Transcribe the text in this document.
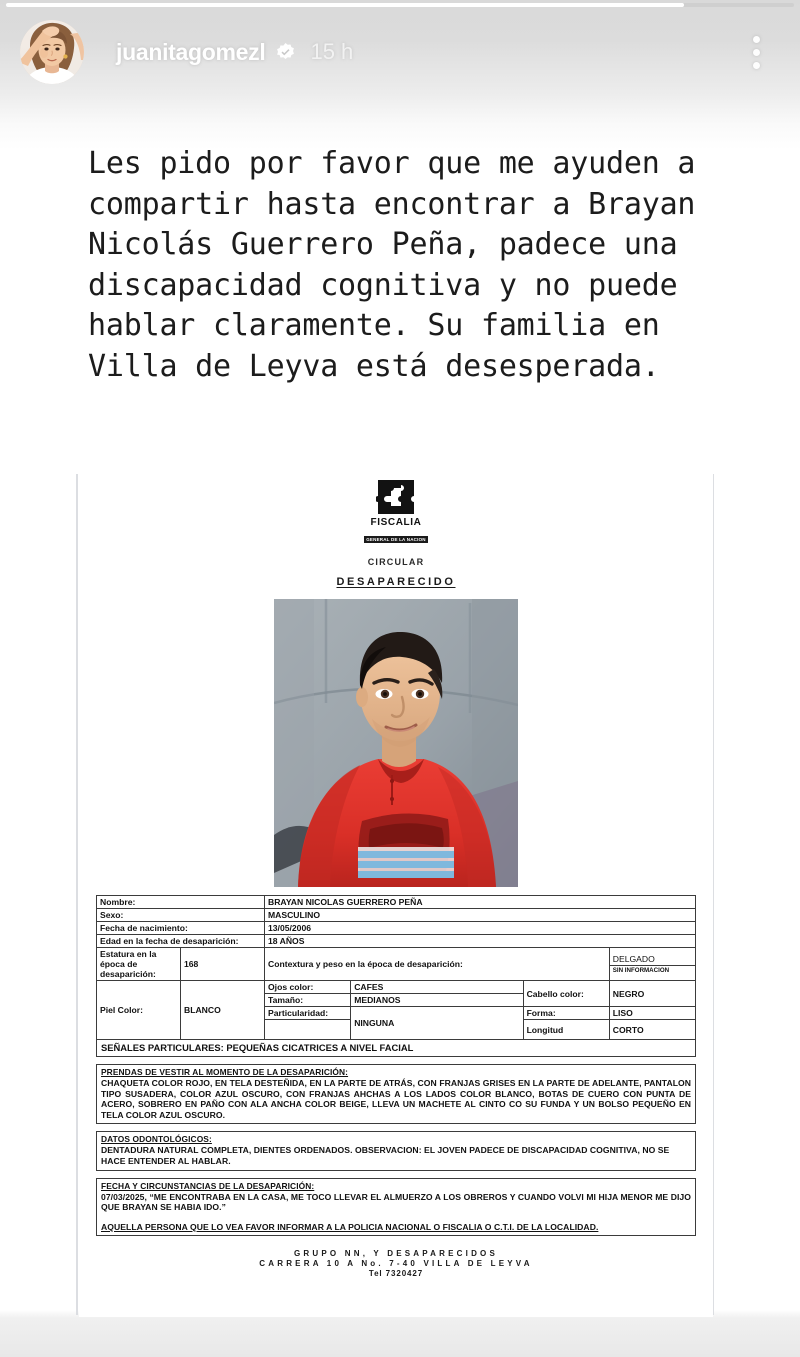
juanitagomezl 15 h
Les pido por favor que me ayuden a compartir hasta encontrar a Brayan Nicolás Guerrero Peña, padece una discapacidad cognitiva y no puede hablar claramente. Su familia en Villa de Leyva está desesperada.
FISCALIA
GENERAL DE LA NACION
CIRCULAR
DESAPARECIDO
Nombre:		BRAYAN NICOLAS GUERRERO PEÑA			
Sexo:		MASCULINO			
Fecha de nacimiento:		13/05/2006			
Edad en la fecha de desaparición:		18 AÑOS			
Estatura en la época de desaparición:	168	Contextura y peso en la época de desaparición:			DELGADO
SIN INFORMACION

Piel Color:	BLANCO	Ojos color:	CAFES	Cabello color:	NEGRO
		Tamaño:	MEDIANOS		
		Particularidad:	NINGUNA	Forma:	LISO
				Longitud	CORTO
SEÑALES PARTICULARES: PEQUEÑAS CICATRICES A NIVEL FACIAL
PRENDAS DE VESTIR AL MOMENTO DE LA DESAPARICIÓN:
CHAQUETA COLOR ROJO, EN TELA DESTEÑIDA, EN LA PARTE DE ATRÁS, CON FRANJAS GRISES EN LA PARTE DE ADELANTE, PANTALON TIPO SUSADERA, COLOR AZUL OSCURO, CON FRANJAS AHCHAS A LOS LADOS COLOR BLANCO, BOTAS DE CUERO CON PUNTA DE ACERO, SOBRERO EN PAÑO CON ALA ANCHA COLOR BEIGE, LLEVA UN MACHETE AL CINTO CO SU FUNDA Y UN BOLSO PEQUEÑO EN TELA COLOR AZUL OSCURO.
DATOS ODONTOLÓGICOS:
DENTADURA NATURAL COMPLETA, DIENTES ORDENADOS. OBSERVACION: EL JOVEN PADECE DE DISCAPACIDAD COGNITIVA, NO SE HACE ENTENDER AL HABLAR.
FECHA Y CIRCUNSTANCIAS DE LA DESAPARICIÓN:
07/03/2025, “ME ENCONTRABA EN LA CASA, ME TOCO LLEVAR EL ALMUERZO A LOS OBREROS Y CUANDO VOLVI MI HIJA MENOR ME DIJO QUE BRAYAN SE HABIA IDO.”
AQUELLA PERSONA QUE LO VEA FAVOR INFORMAR A LA POLICIA NACIONAL O FISCALIA O C.T.I. DE LA LOCALIDAD.
GRUPO NN, Y DESAPARECIDOS
CARRERA 10 A No. 7-40 VILLA DE LEYVA
Tel 7320427
